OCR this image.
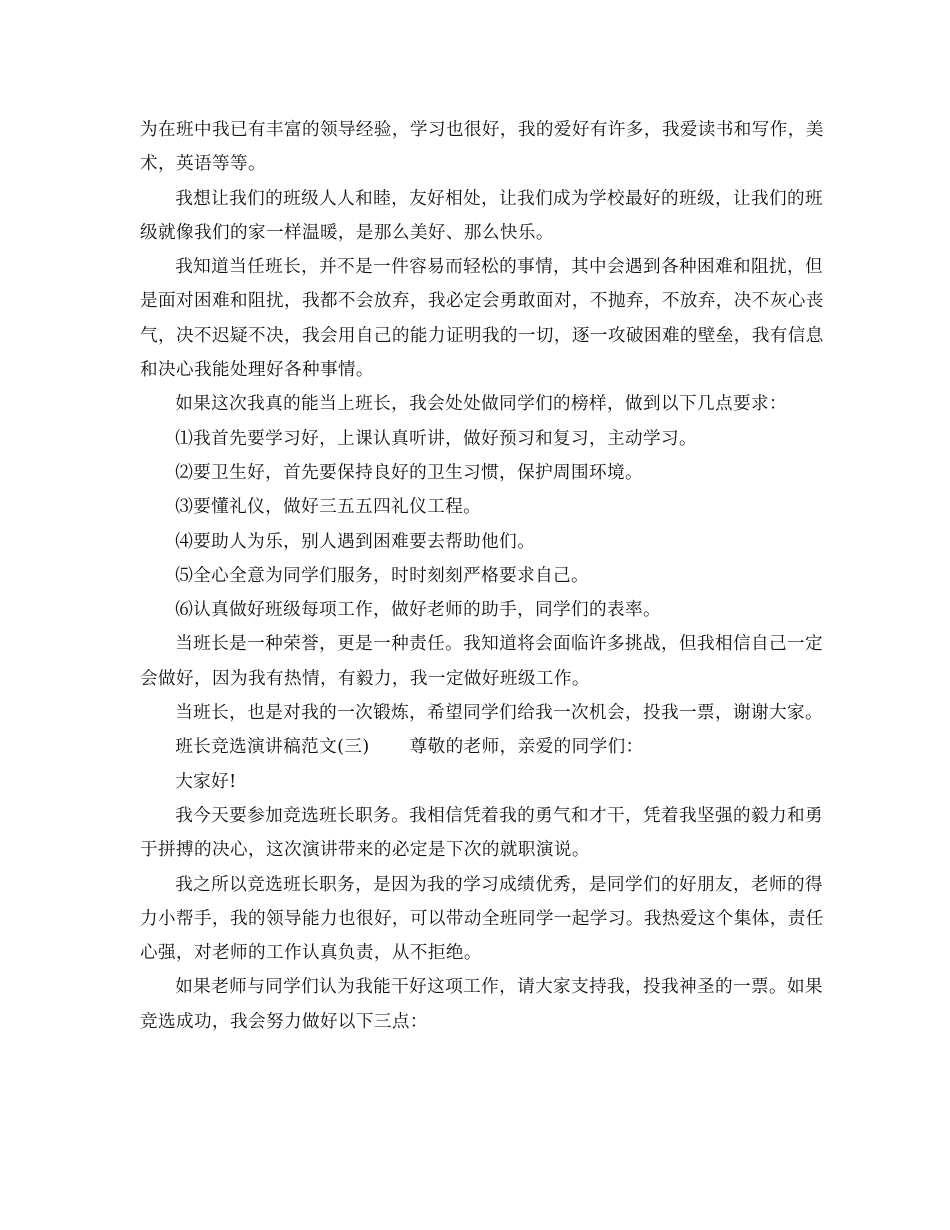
为在班中我已有丰富的领导经验，学习也很好，我的爱好有许多，我爱读书和写作，美术，英语等等。

我想让我们的班级人人和睦，友好相处，让我们成为学校最好的班级，让我们的班级就像我们的家一样温暖，是那么美好、那么快乐。

我知道当任班长，并不是一件容易而轻松的事情，其中会遇到各种困难和阻扰，但是面对困难和阻扰，我都不会放弃，我必定会勇敢面对，不抛弃，不放弃，决不灰心丧气，决不迟疑不决，我会用自己的能力证明我的一切，逐一攻破困难的壁垒，我有信息和决心我能处理好各种事情。

如果这次我真的能当上班长，我会处处做同学们的榜样，做到以下几点要求：

⑴我首先要学习好，上课认真听讲，做好预习和复习，主动学习。

⑵要卫生好，首先要保持良好的卫生习惯，保护周围环境。

⑶要懂礼仪，做好三五五四礼仪工程。

⑷要助人为乐，别人遇到困难要去帮助他们。

⑸全心全意为同学们服务，时时刻刻严格要求自己。

⑹认真做好班级每项工作，做好老师的助手，同学们的表率。

当班长是一种荣誉，更是一种责任。我知道将会面临许多挑战，但我相信自己一定会做好，因为我有热情，有毅力，我一定做好班级工作。

当班长，也是对我的一次锻炼，希望同学们给我一次机会，投我一票，谢谢大家。

班长竞选演讲稿范文(三) 尊敬的老师，亲爱的同学们：

大家好!

我今天要参加竞选班长职务。我相信凭着我的勇气和才干，凭着我坚强的毅力和勇于拼搏的决心，这次演讲带来的必定是下次的就职演说。

我之所以竞选班长职务，是因为我的学习成绩优秀，是同学们的好朋友，老师的得力小帮手，我的领导能力也很好，可以带动全班同学一起学习。我热爱这个集体，责任心强，对老师的工作认真负责，从不拒绝。

如果老师与同学们认为我能干好这项工作，请大家支持我，投我神圣的一票。如果竞选成功，我会努力做好以下三点：
